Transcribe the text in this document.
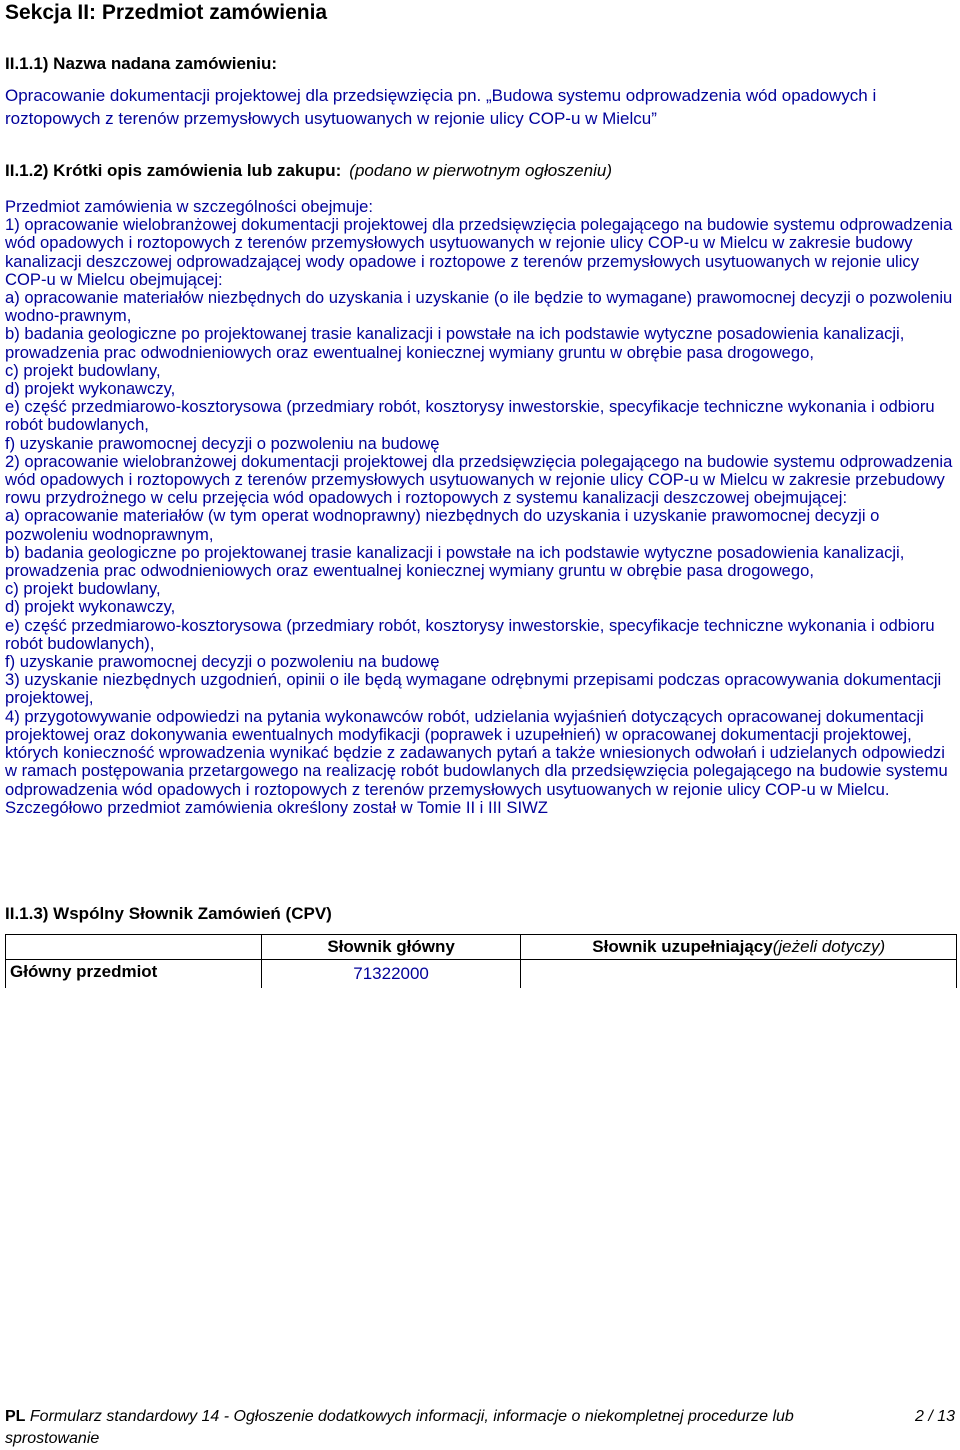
Sekcja II: Przedmiot zamówienia
II.1.1) Nazwa nadana zamówieniu:
Opracowanie dokumentacji projektowej dla przedsięwzięcia pn. „Budowa systemu odprowadzenia wód opadowych i roztopowych z terenów przemysłowych usytuowanych w rejonie ulicy COP-u w Mielcu”
II.1.2) Krótki opis zamówienia lub zakupu: (podano w pierwotnym ogłoszeniu)
Przedmiot zamówienia w szczególności obejmuje:
1) opracowanie wielobranżowej dokumentacji projektowej dla przedsięwzięcia polegającego na budowie systemu odprowadzenia wód opadowych i roztopowych z terenów przemysłowych usytuowanych w rejonie ulicy COP-u w Mielcu w zakresie budowy kanalizacji deszczowej odprowadzającej wody opadowe i roztopowe z terenów przemysłowych usytuowanych w rejonie ulicy COP-u w Mielcu obejmującej:
a) opracowanie materiałów niezbędnych do uzyskania i uzyskanie (o ile będzie to wymagane) prawomocnej decyzji o pozwoleniu wodno-prawnym,
b) badania geologiczne po projektowanej trasie kanalizacji i powstałe na ich podstawie wytyczne posadowienia kanalizacji, prowadzenia prac odwodnieniowych oraz ewentualnej koniecznej wymiany gruntu w obrębie pasa drogowego,
c) projekt budowlany,
d) projekt wykonawczy,
e) część przedmiarowo-kosztorysowa (przedmiary robót, kosztorysy inwestorskie, specyfikacje techniczne wykonania i odbioru robót budowlanych,
f) uzyskanie prawomocnej decyzji o pozwoleniu na budowę
2) opracowanie wielobranżowej dokumentacji projektowej dla przedsięwzięcia polegającego na budowie systemu odprowadzenia wód opadowych i roztopowych z terenów przemysłowych usytuowanych w rejonie ulicy COP-u w Mielcu w zakresie przebudowy rowu przydrożnego w celu przejęcia wód opadowych i roztopowych z systemu kanalizacji deszczowej obejmującej:
a) opracowanie materiałów (w tym operat wodnoprawny) niezbędnych do uzyskania i uzyskanie prawomocnej decyzji o pozwoleniu wodnoprawnym,
b) badania geologiczne po projektowanej trasie kanalizacji i powstałe na ich podstawie wytyczne posadowienia kanalizacji, prowadzenia prac odwodnieniowych oraz ewentualnej koniecznej wymiany gruntu w obrębie pasa drogowego,
c) projekt budowlany,
d) projekt wykonawczy,
e) część przedmiarowo-kosztorysowa (przedmiary robót, kosztorysy inwestorskie, specyfikacje techniczne wykonania i odbioru robót budowlanych),
f) uzyskanie prawomocnej decyzji o pozwoleniu na budowę
3) uzyskanie niezbędnych uzgodnień, opinii o ile będą wymagane odrębnymi przepisami podczas opracowywania dokumentacji projektowej,
4) przygotowywanie odpowiedzi na pytania wykonawców robót, udzielania wyjaśnień dotyczących opracowanej dokumentacji projektowej oraz dokonywania ewentualnych modyfikacji (poprawek i uzupełnień) w opracowanej dokumentacji projektowej, których konieczność wprowadzenia wynikać będzie z zadawanych pytań a także wniesionych odwołań i udzielanych odpowiedzi w ramach postępowania przetargowego na realizację robót budowlanych dla przedsięwzięcia polegającego na budowie systemu odprowadzenia wód opadowych i roztopowych z terenów przemysłowych usytuowanych w rejonie ulicy COP-u w Mielcu.
Szczegółowo przedmiot zamówienia określony został w Tomie II i III SIWZ
II.1.3) Wspólny Słownik Zamówień (CPV)
	Słownik główny	Słownik uzupełniający(jeżeli dotyczy)
Główny przedmiot	71322000	
PL Formularz standardowy 14 - Ogłoszenie dodatkowych informacji, informacje o niekompletnej procedurze lub sprostowanie
2 / 13
